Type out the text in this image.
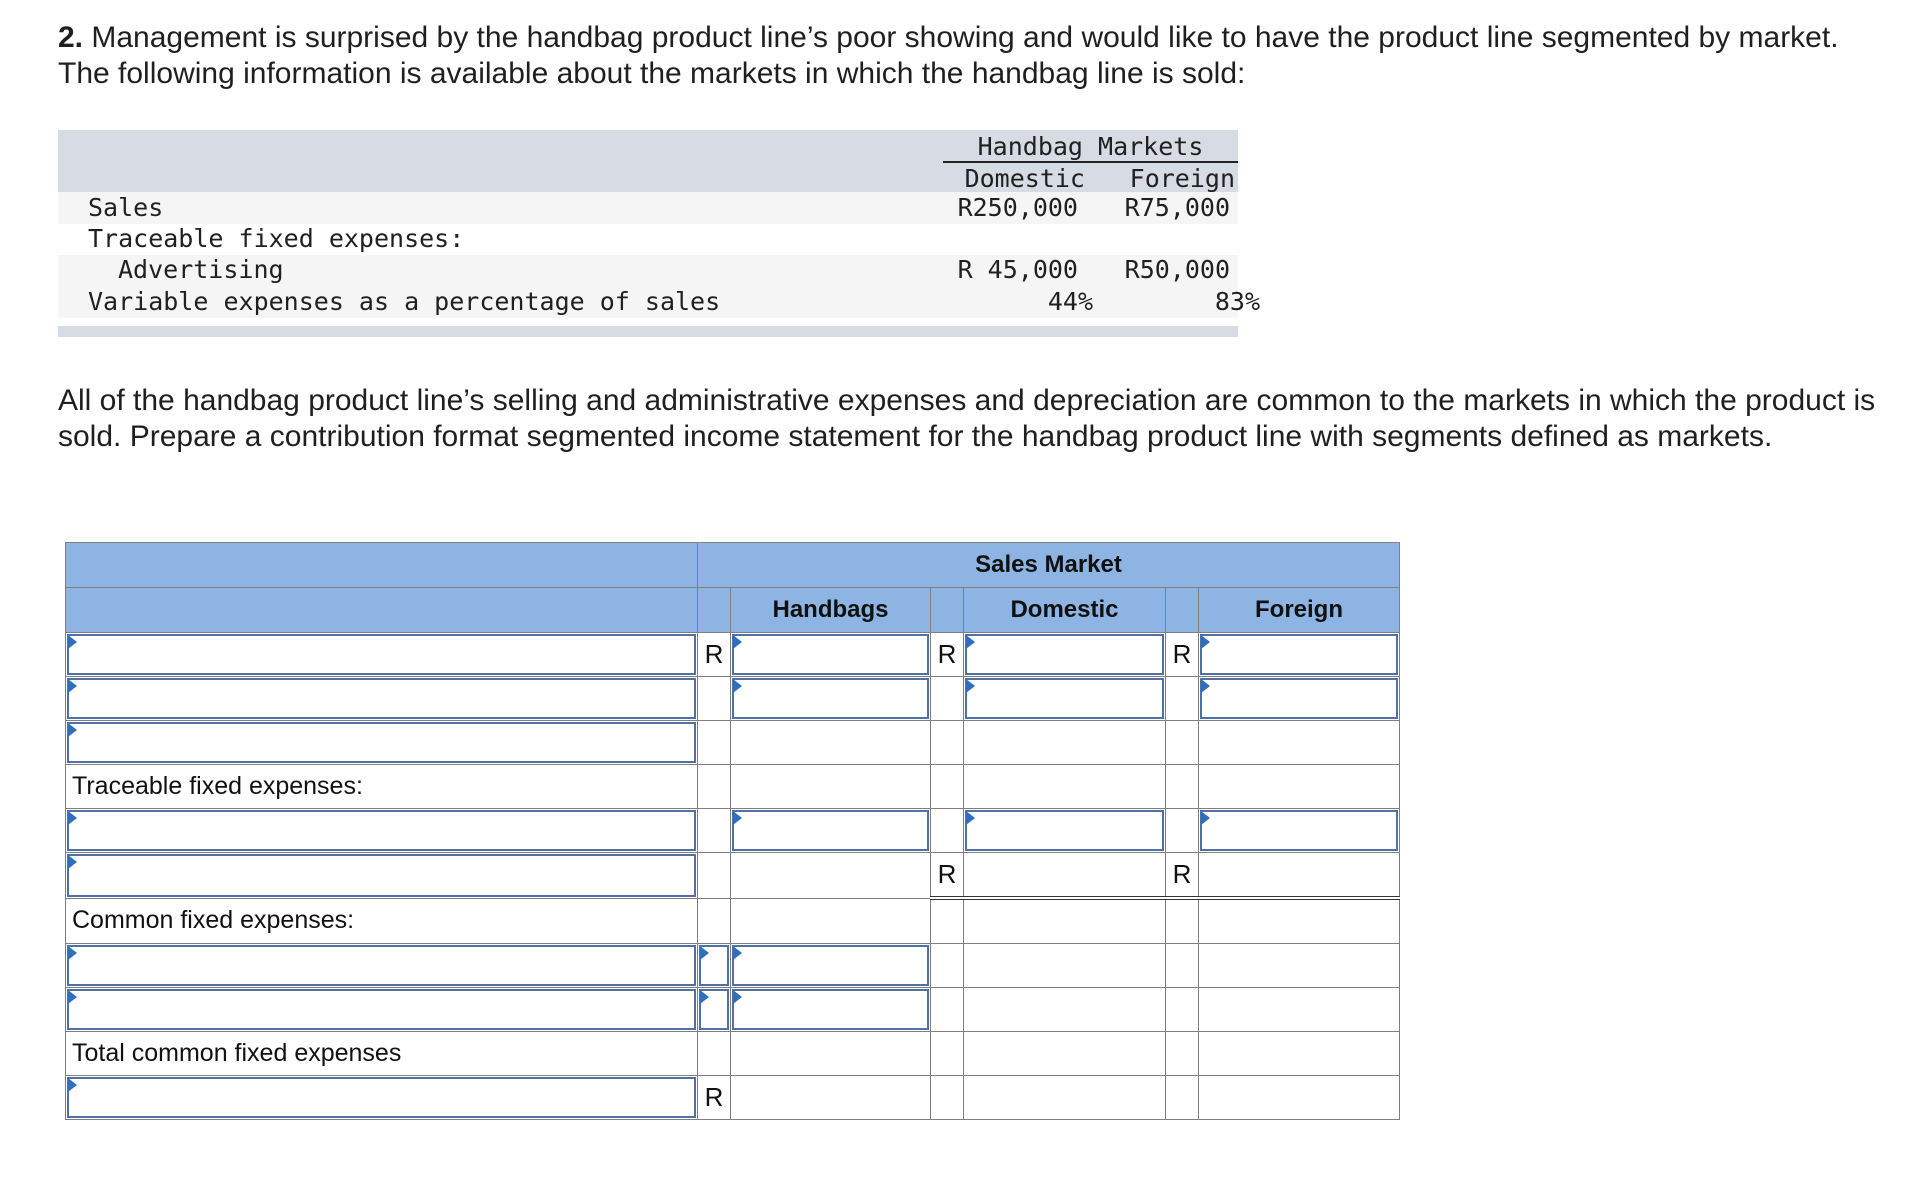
2. Management is surprised by the handbag product line’s poor showing and would like to have the product line segmented by market. The following information is available about the markets in which the handbag line is sold:

Handbag Markets
Domestic	Foreign
Sales	R250,000	R75,000
Traceable fixed expenses:
Advertising	R 45,000	R50,000
Variable expenses as a percentage of sales	44%	83%

All of the handbag product line’s selling and administrative expenses and depreciation are common to the markets in which the product is sold. Prepare a contribution format segmented income statement for the handbag product line with segments defined as markets.

	Sales Market					
		Handbags		Domestic		Foreign

	R		R		R	

Traceable fixed expenses:						

			R		R	
Common fixed expenses:						

Total common fixed expenses						

	R					
